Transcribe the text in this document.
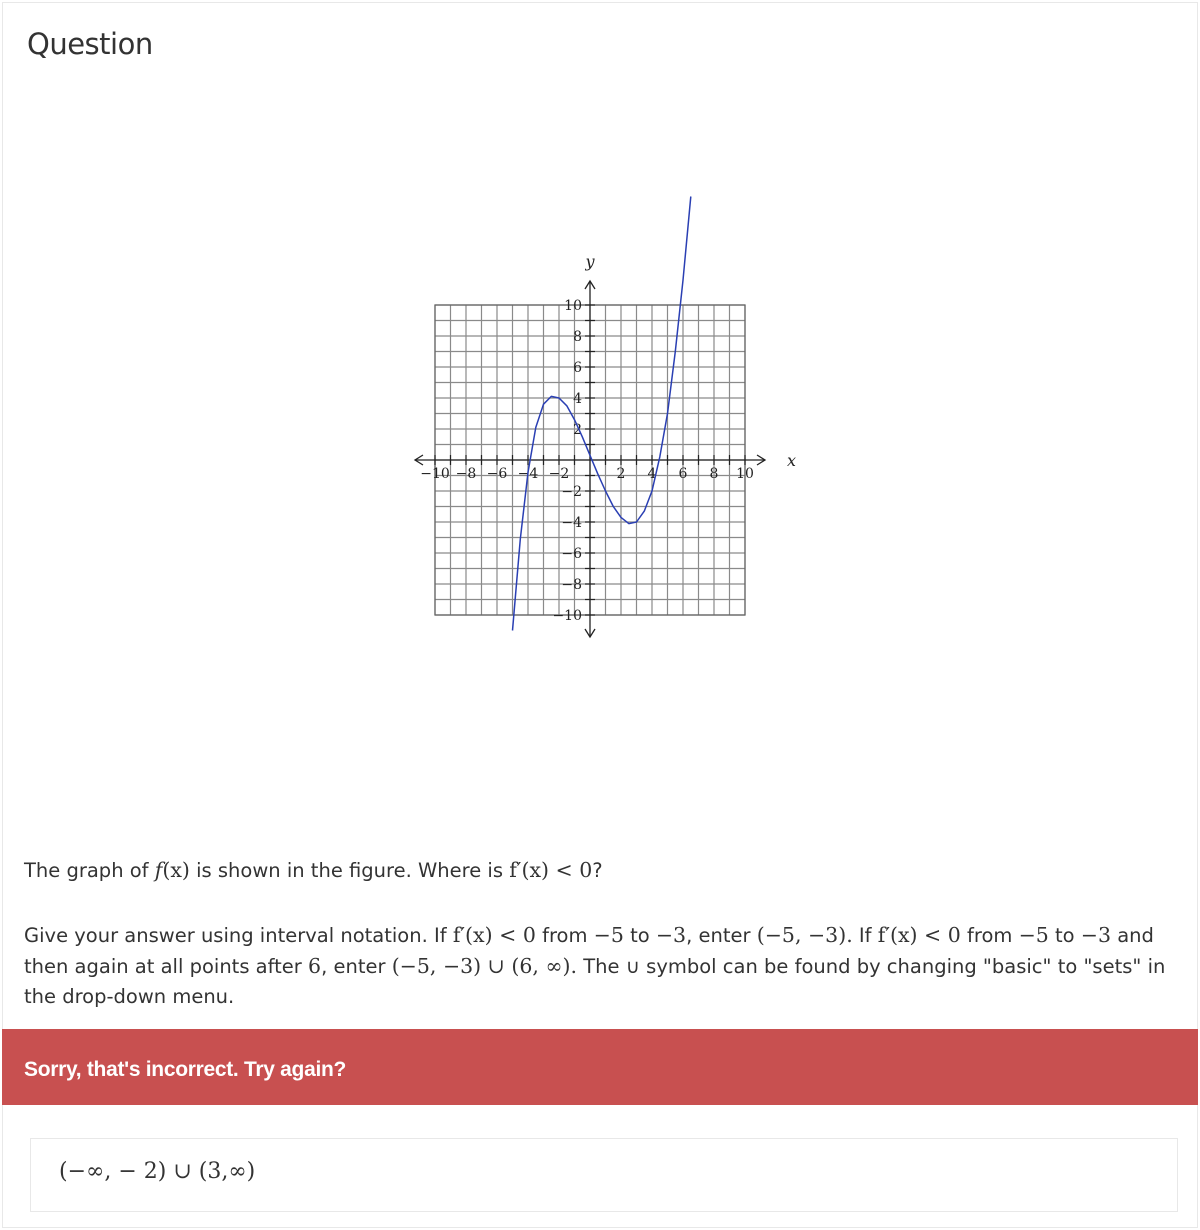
Question
−10 −8 −6 −4 −2	2 4 6 8 10
10
8
6
4
2
−2
−4
−6
−8
−10
x
y
The graph of f(x) is shown in the figure. Where is f′(x) < 0?
Give your answer using interval notation. If f′(x) < 0 from −5 to −3, enter (−5, −3). If f′(x) < 0 from −5 to −3 and then again at all points after 6, enter (−5, −3) ∪ (6, ∞). The ∪ symbol can be found by changing "basic" to "sets" in the drop-down menu.
Sorry, that's incorrect. Try again?
(−∞, − 2) ∪ (3,∞)
